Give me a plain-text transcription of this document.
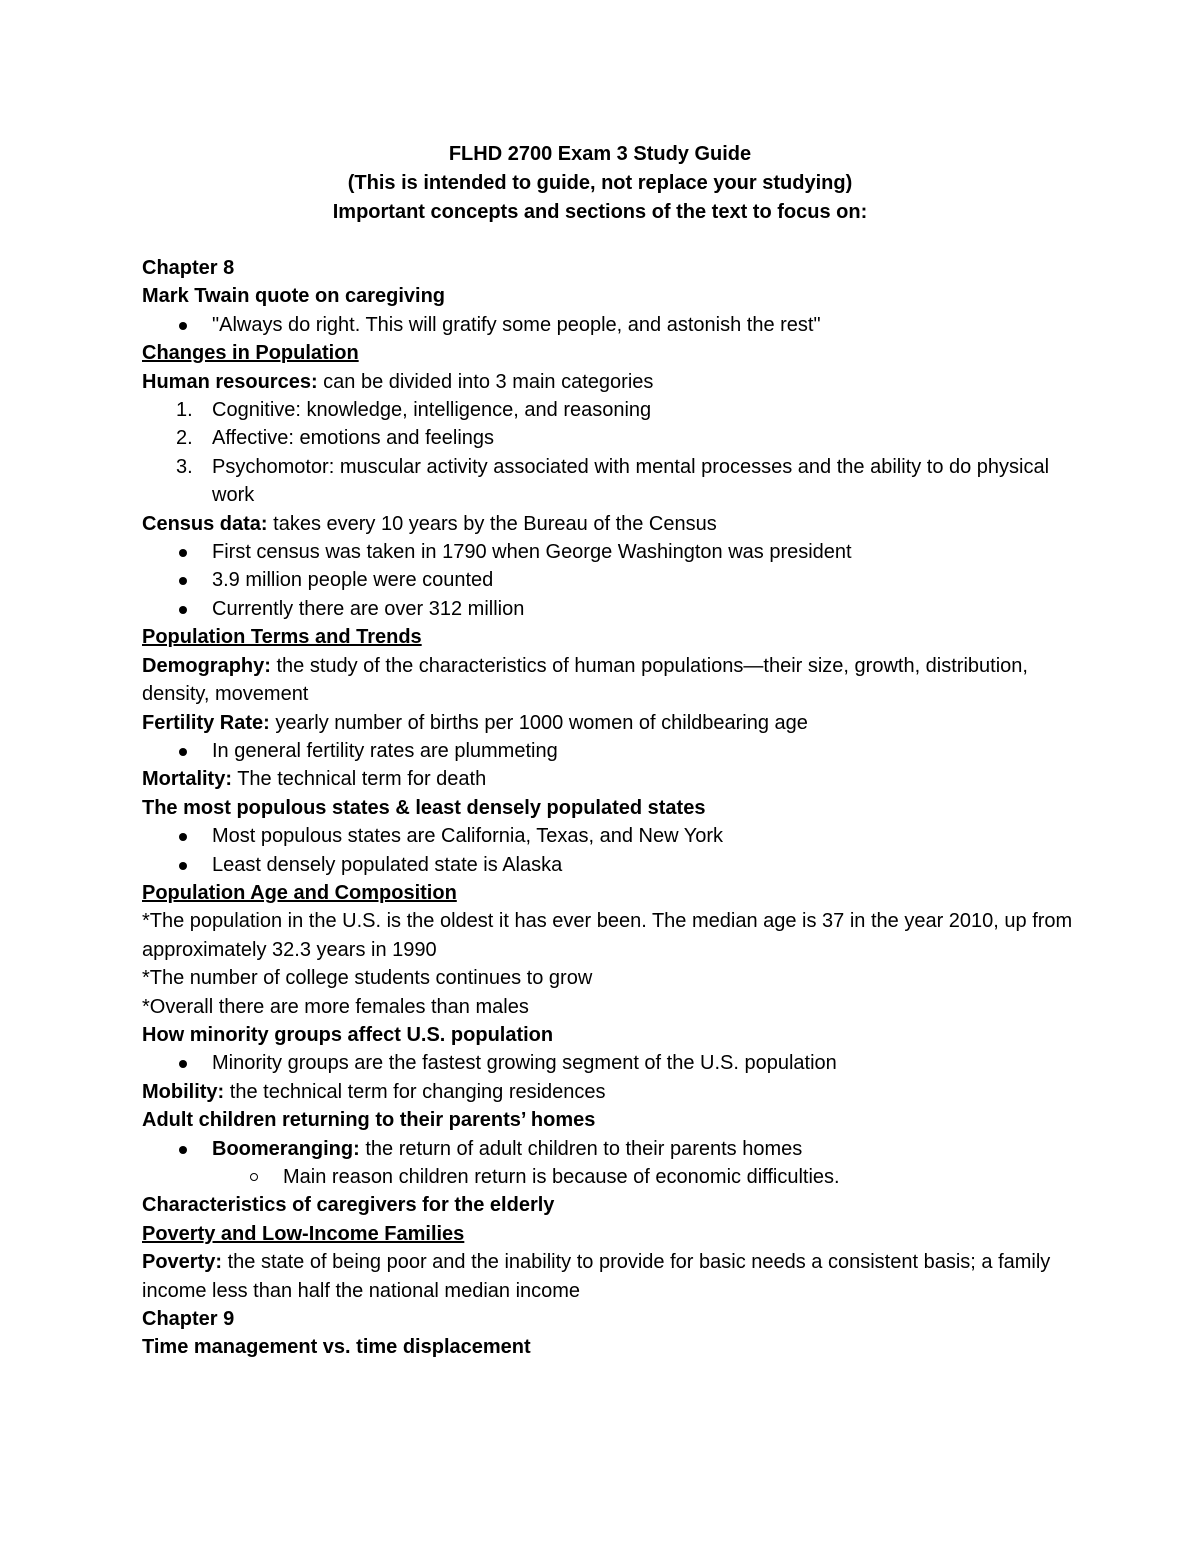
FLHD 2700 Exam 3 Study Guide
(This is intended to guide, not replace your studying)
Important concepts and sections of the text to focus on:

Chapter 8

Mark Twain quote on caregiving

"Always do right. This will gratify some people, and astonish the rest"

Changes in Population

Human resources: can be divided into 3 main categories

1. Cognitive: knowledge, intelligence, and reasoning
2. Affective: emotions and feelings
3. Psychomotor: muscular activity associated with mental processes and the ability to do physical work

Census data: takes every 10 years by the Bureau of the Census

First census was taken in 1790 when George Washington was president
3.9 million people were counted
Currently there are over 312 million

Population Terms and Trends

Demography: the study of the characteristics of human populations—their size, growth, distribution, density, movement

Fertility Rate: yearly number of births per 1000 women of childbearing age

In general fertility rates are plummeting

Mortality: The technical term for death

The most populous states & least densely populated states

Most populous states are California, Texas, and New York
Least densely populated state is Alaska

Population Age and Composition

*The population in the U.S. is the oldest it has ever been. The median age is 37 in the year 2010, up from approximately 32.3 years in 1990

*The number of college students continues to grow

*Overall there are more females than males

How minority groups affect U.S. population

Minority groups are the fastest growing segment of the U.S. population

Mobility: the technical term for changing residences

Adult children returning to their parents’ homes

Boomeranging: the return of adult children to their parents homes
Main reason children return is because of economic difficulties.

Characteristics of caregivers for the elderly

Poverty and Low-Income Families

Poverty: the state of being poor and the inability to provide for basic needs a consistent basis; a family income less than half the national median income

Chapter 9

Time management vs. time displacement
